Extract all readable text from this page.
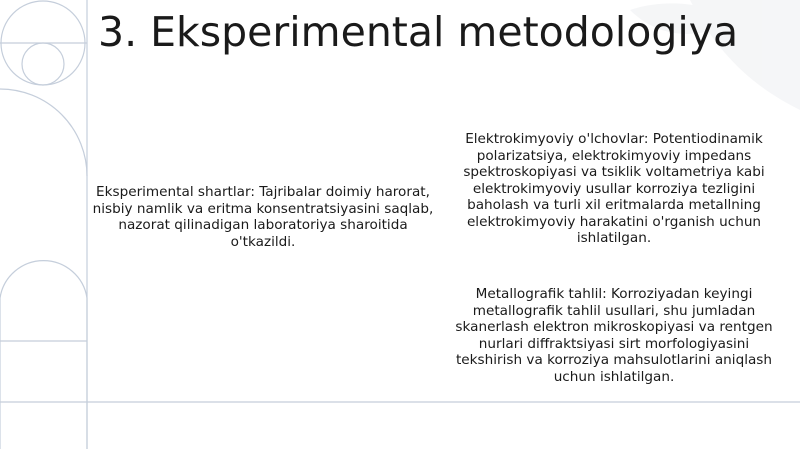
3. Eksperimental metodologiya

Eksperimental shartlar: Tajribalar doimiy harorat, nisbiy namlik va eritma konsentratsiyasini saqlab, nazorat qilinadigan laboratoriya sharoitida o'tkazildi.

Elektrokimyoviy o'lchovlar: Potentiodinamik polarizatsiya, elektrokimyoviy impedans spektroskopiyasi va tsiklik voltametriya kabi elektrokimyoviy usullar korroziya tezligini baholash va turli xil eritmalarda metallning elektrokimyoviy harakatini o'rganish uchun ishlatilgan.

Metallografik tahlil: Korroziyadan keyingi metallografik tahlil usullari, shu jumladan skanerlash elektron mikroskopiyasi va rentgen nurlari diffraktsiyasi sirt morfologiyasini tekshirish va korroziya mahsulotlarini aniqlash uchun ishlatilgan.
